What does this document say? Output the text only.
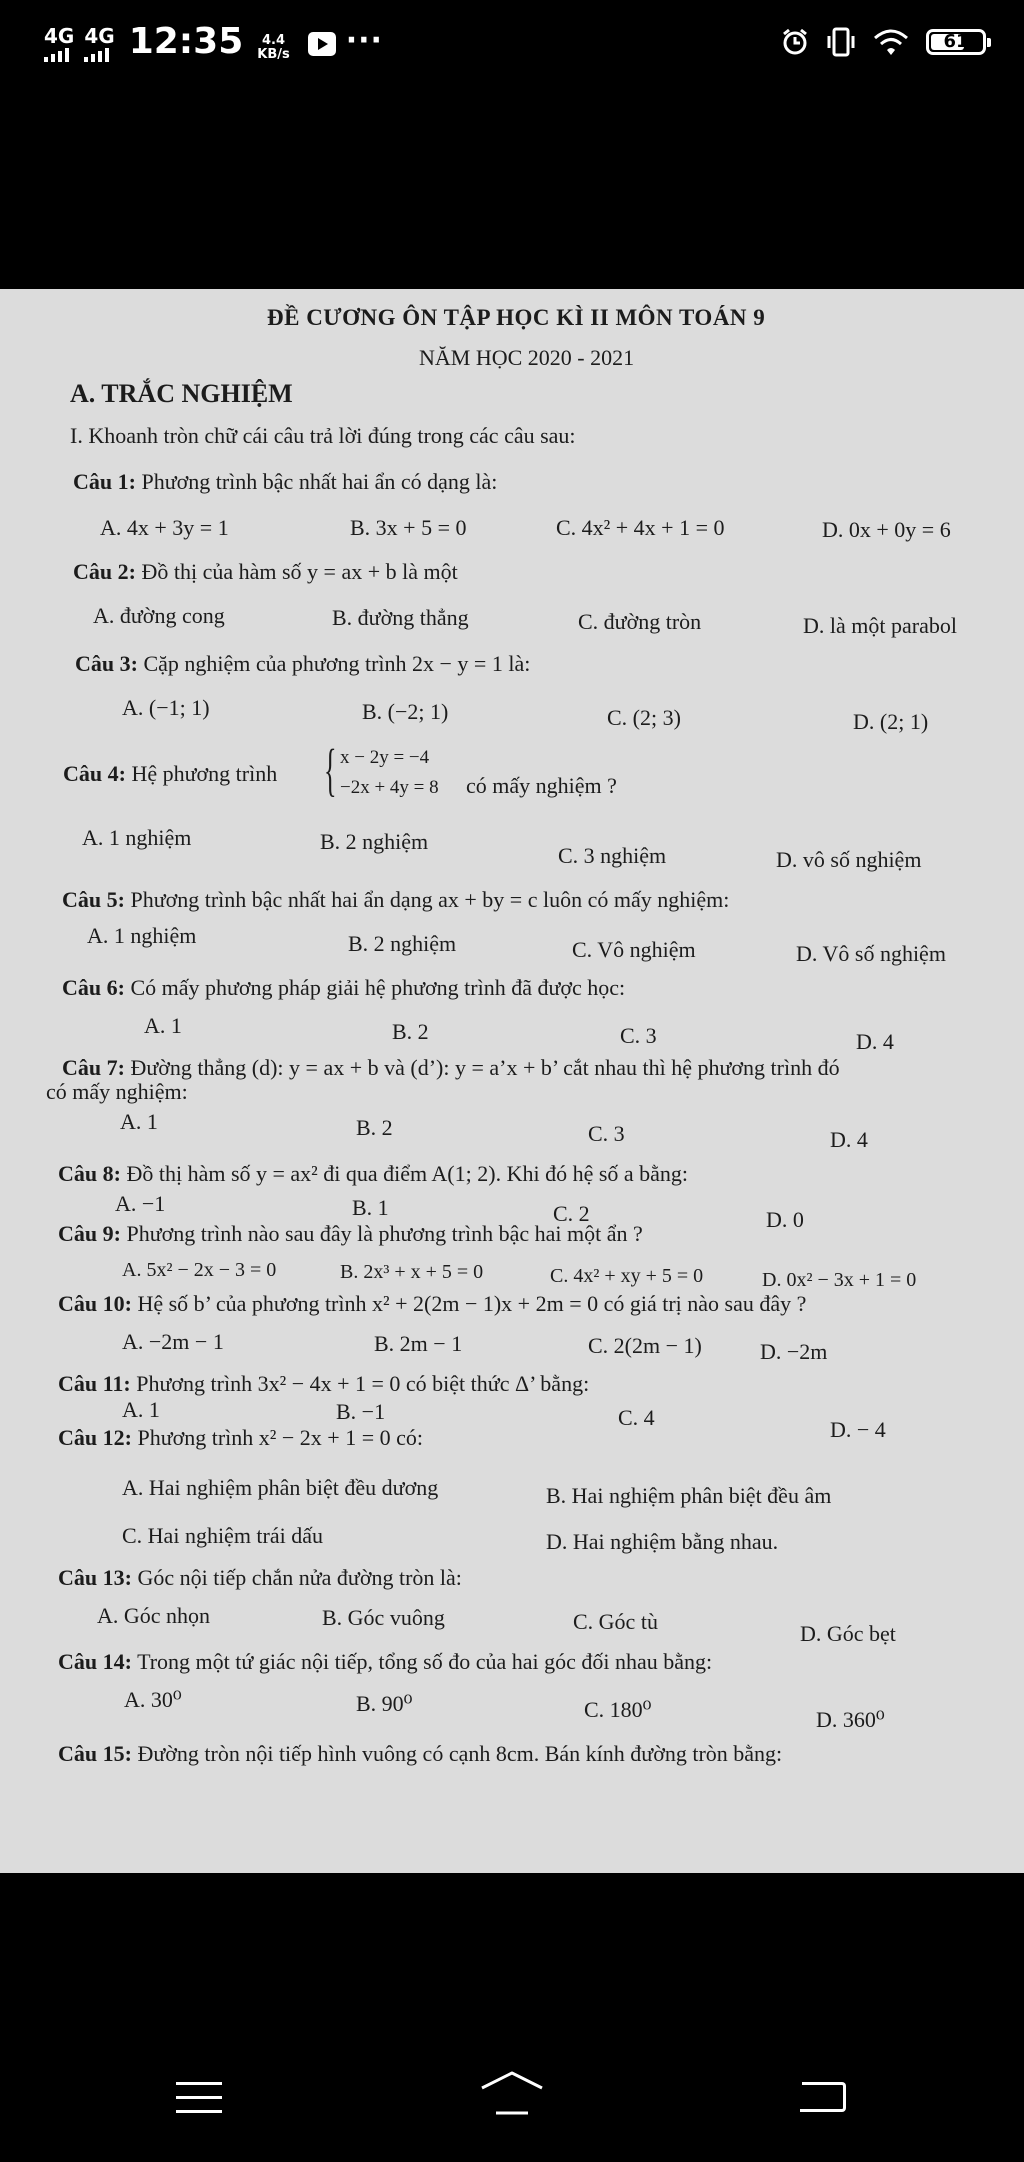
4G 4G 12:35	4.4
KB/s ···	61
ĐỀ CƯƠNG ÔN TẬP HỌC KÌ II MÔN TOÁN 9
NĂM HỌC 2020 - 2021
A. TRẮC NGHIỆM
I. Khoanh tròn chữ cái câu trả lời đúng trong các câu sau:
Câu 1: Phương trình bậc nhất hai ẩn có dạng là:
A. 4x + 3y = 1	B. 3x + 5 = 0	C. 4x² + 4x + 1 = 0	D. 0x + 0y = 6
Câu 2: Đồ thị của hàm số y = ax + b là một
A. đường cong	B. đường thẳng	C. đường tròn	D. là một parabol
Câu 3: Cặp nghiệm của phương trình 2x − y = 1 là:
A. (−1; 1)	B. (−2; 1)	C. (2; 3)	D. (2; 1)
Câu 4: Hệ phương trình { x − 2y = −4
−2x + 4y = 8 có mấy nghiệm ?
A. 1 nghiệm	B. 2 nghiệm
C. 3 nghiệm	D. vô số nghiệm
Câu 5: Phương trình bậc nhất hai ẩn dạng ax + by = c luôn có mấy nghiệm:
A. 1 nghiệm	B. 2 nghiệm	C. Vô nghiệm	D. Vô số nghiệm
Câu 6: Có mấy phương pháp giải hệ phương trình đã được học:
A. 1	B. 2	C. 3	D. 4
Câu 7: Đường thẳng (d): y = ax + b và (d’): y = a’x + b’ cắt nhau thì hệ phương trình đó
có mấy nghiệm:
A. 1	B. 2	C. 3	D. 4
Câu 8: Đồ thị hàm số y = ax² đi qua điểm A(1; 2). Khi đó hệ số a bằng:
A. −1	B. 1	C. 2	D. 0
Câu 9: Phương trình nào sau đây là phương trình bậc hai một ẩn ?
A. 5x² − 2x − 3 = 0	B. 2x³ + x + 5 = 0	C. 4x² + xy + 5 = 0	D. 0x² − 3x + 1 = 0
Câu 10: Hệ số b’ của phương trình x² + 2(2m − 1)x + 2m = 0 có giá trị nào sau đây ?
A. −2m − 1	B. 2m − 1	C. 2(2m − 1)	D. −2m
Câu 11: Phương trình 3x² − 4x + 1 = 0 có biệt thức Δ’ bằng:
A. 1	B. −1	C. 4	D. − 4
Câu 12: Phương trình x² − 2x + 1 = 0 có:
A. Hai nghiệm phân biệt đều dương	B. Hai nghiệm phân biệt đều âm
C. Hai nghiệm trái dấu	D. Hai nghiệm bằng nhau.
Câu 13: Góc nội tiếp chắn nửa đường tròn là:
A. Góc nhọn	B. Góc vuông	C. Góc tù	D. Góc bẹt
Câu 14: Trong một tứ giác nội tiếp, tổng số đo của hai góc đối nhau bằng:
A. 30⁰	B. 90⁰	C. 180⁰	D. 360⁰
Câu 15: Đường tròn nội tiếp hình vuông có cạnh 8cm. Bán kính đường tròn bằng:
